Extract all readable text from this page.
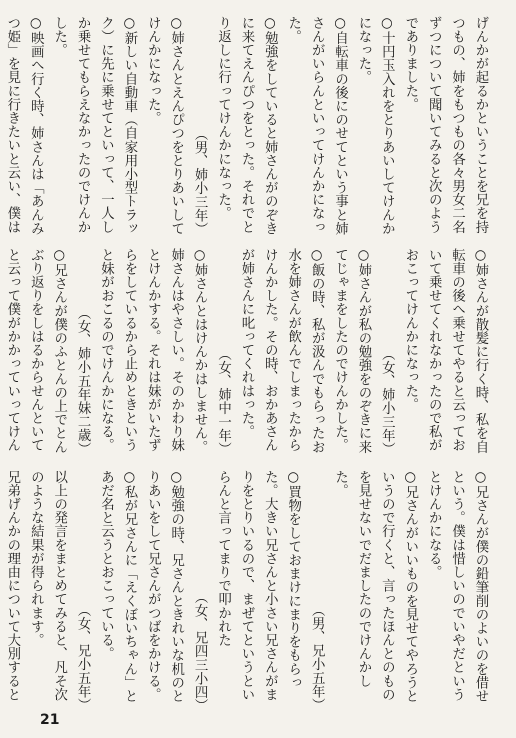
げんかが起るかということを兄を持つもの、姉をもつもの各々男女二名ずつについて聞いてみると次のようでありました。
○十円玉入れをとりあいしてけんかになった。
○自転車の後にのせてという事と姉さんがいらんといってけんかになった。
○勉強をしていると姉さんがのぞきに来てえんぴつをとった。それでとり返しに行ってけんかになった。
（男、姉小三年）
○姉さんとえんぴつをとりあいしてけんかになった。
○新しい自動車（自家用小型トラック）に先に乗せてといって、一人しか乗せてもらえなかったのでけんかした。
○映画へ行く時、姉さんは「あんみつ姫」を見に行きたいと云い、僕は
○姉さんが散髪に行く時、私を自転車の後へ乗せてやると云っておいて乗せてくれなかったので私がおこってけんかになった。
（女、姉小三年）
○姉さんが私の勉強をのぞきに来てじゃまをしたのでけんかした。
○飯の時、私が汲んでもらったお水を姉さんが飲んでしまったからけんかした。その時、おかあさんが姉さんに叱ってくれはった。
（女、姉中一年）
○姉さんとはけんかはしません。姉さんはやさしい。そのかわり妹とけんかする。それは妹がいたずらをしているから止めときというと妹がおこるのでけんかになる。
（女、姉小五年妹二歳）
○兄さんが僕のふとんの上でとんぶり返りをしはるからせんといてと云って僕がかかっていってけん
○兄さんが僕の鉛筆削のよいのを借せという。僕は惜しいのでいやだというとけんかになる。
○兄さんがいいものを見せてやろうというので行くと、言ったほんとのものを見せないでだましたのでけんかした。
（男、兄小五年）
○買物をしておまけにまりをもらった。大きい兄さんと小さい兄さんがまりをとりいるので、まぜてというといらんと言ってまりで叩かれた
（女、兄四三小四）
○勉強の時、兄さんときれいな机のとりあいをして兄さんがつばをかける。
○私が兄さんに「えくぼいちゃん」とあだ名と云うとおこっている。
（女、兄小五年）
以上の発言をまとめてみると、凡そ次のような結果が得られます。
兄弟げんかの理由について大別すると
21
